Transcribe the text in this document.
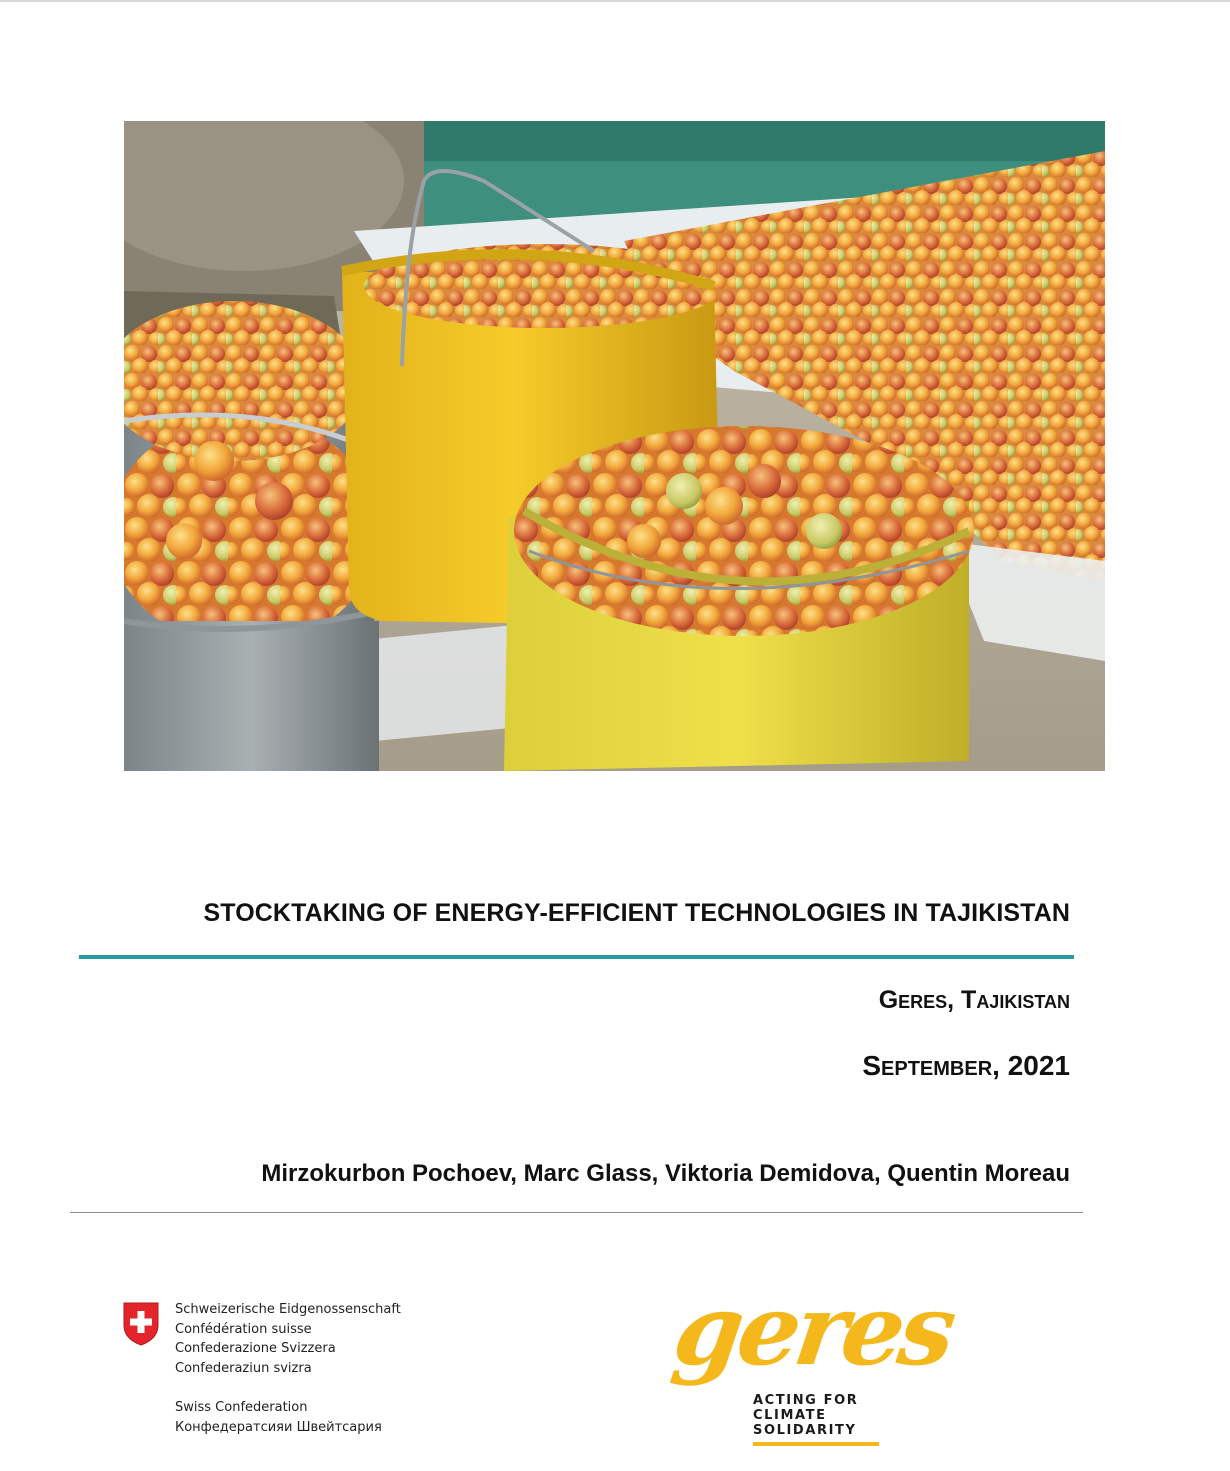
STOCKTAKING OF ENERGY-EFFICIENT TECHNOLOGIES IN TAJIKISTAN
Geres, Tajikistan
September, 2021
Mirzokurbon Pochoev, Marc Glass, Viktoria Demidova, Quentin Moreau
Schweizerische Eidgenossenschaft
Confédération suisse
Confederazione Svizzera
Confederaziun svizra
Swiss Confederation
Конфедератсияи Швейтсария
geres
ACTING FOR
CLIMATE
SOLIDARITY
